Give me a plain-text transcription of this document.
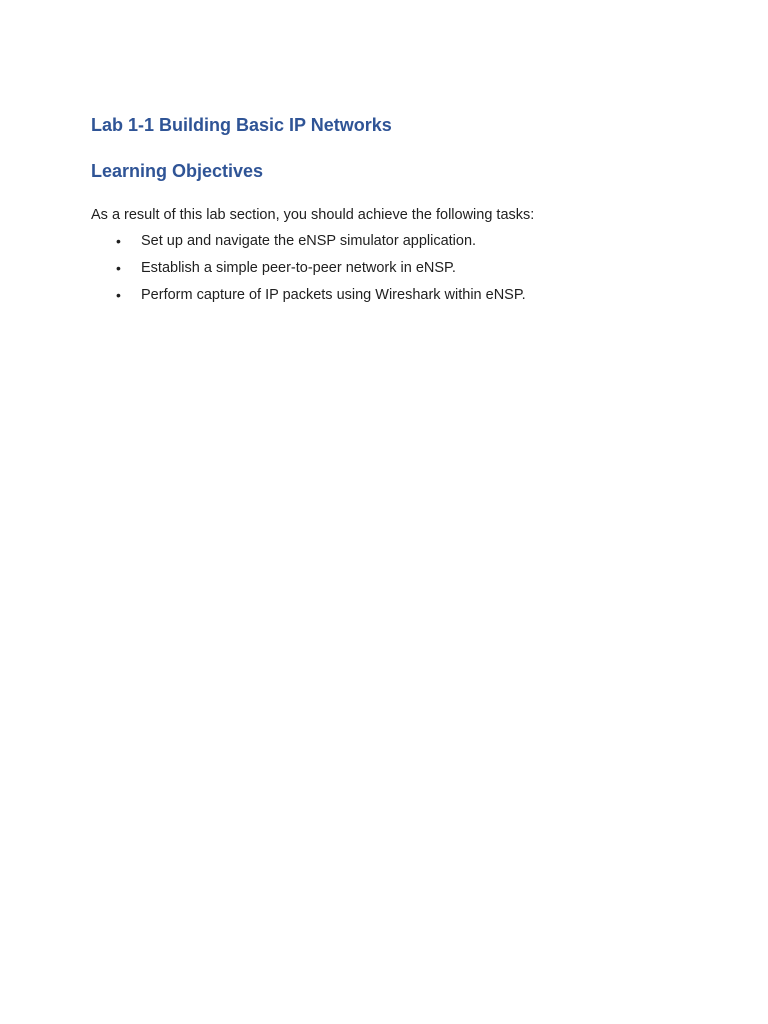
Lab 1-1 Building Basic IP Networks
Learning Objectives

As a result of this lab section, you should achieve the following tasks:

• Set up and navigate the eNSP simulator application.
• Establish a simple peer-to-peer network in eNSP.
• Perform capture of IP packets using Wireshark within eNSP.
